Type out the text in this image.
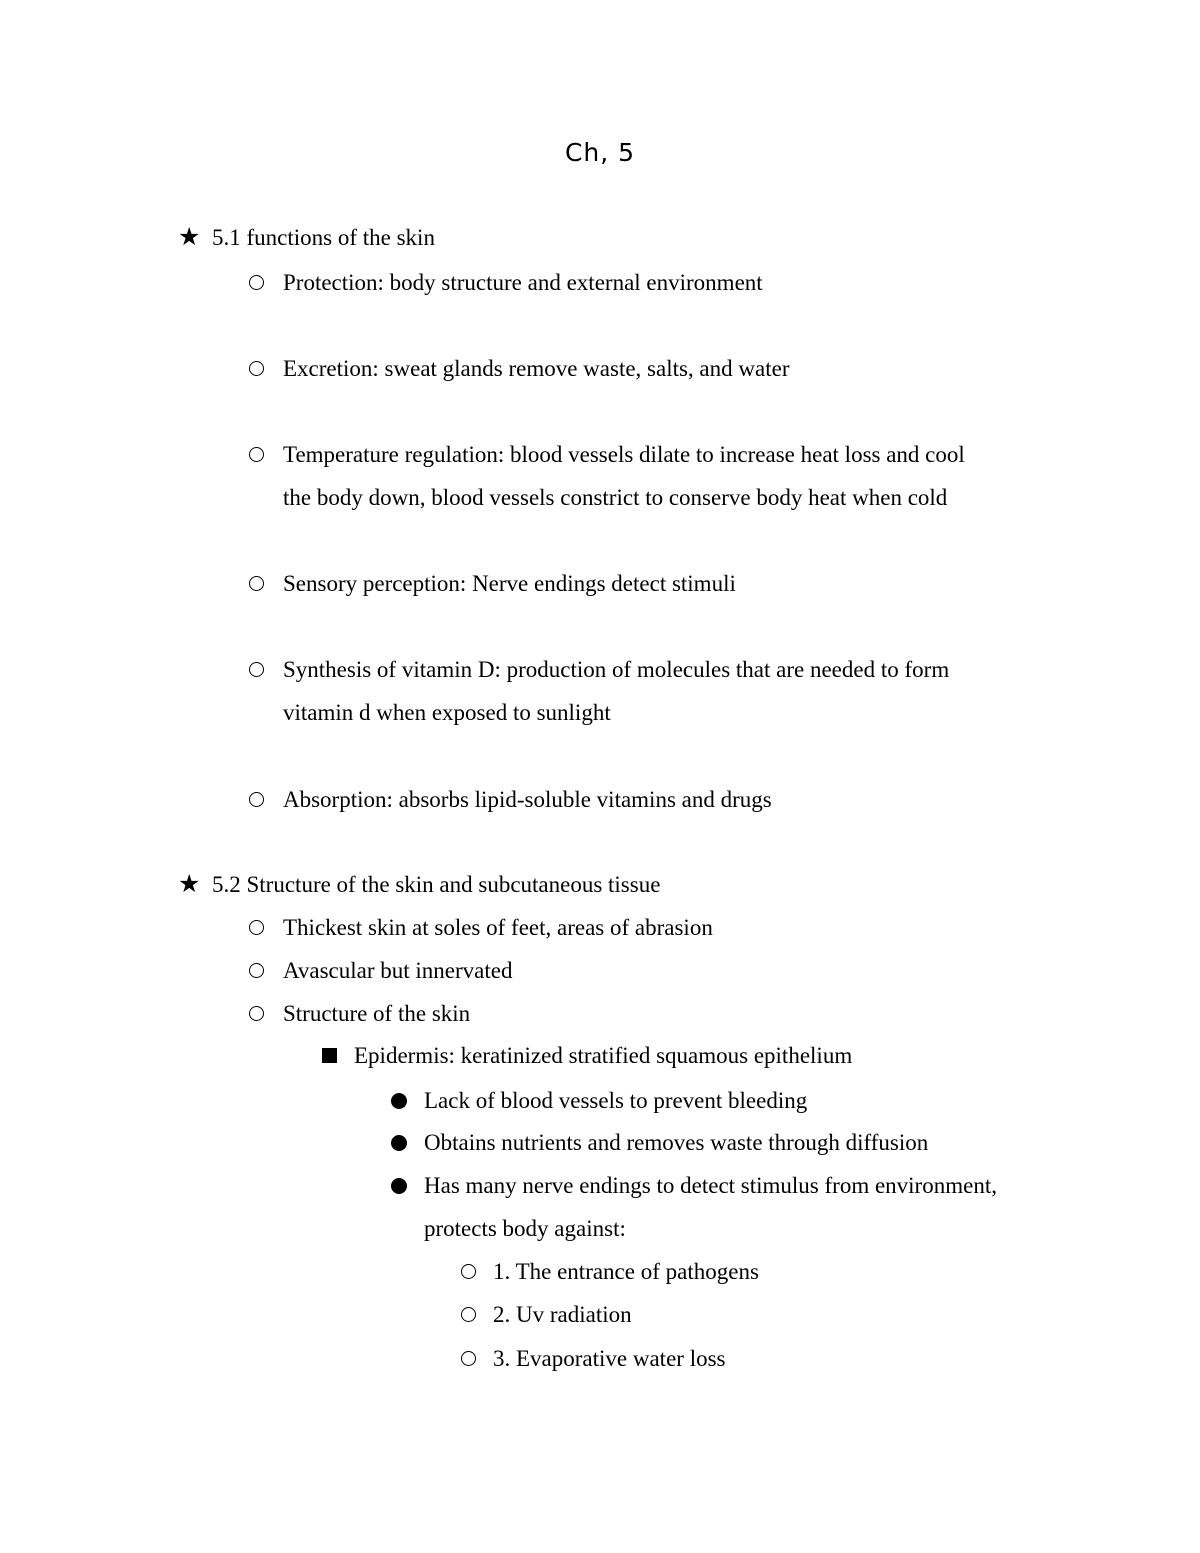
Ch, 5
★ 5.1 functions of the skin
Protection: body structure and external environment
Excretion: sweat glands remove waste, salts, and water
Temperature regulation: blood vessels dilate to increase heat loss and cool
the body down, blood vessels constrict to conserve body heat when cold
Sensory perception: Nerve endings detect stimuli
Synthesis of vitamin D: production of molecules that are needed to form
vitamin d when exposed to sunlight
Absorption: absorbs lipid-soluble vitamins and drugs
★ 5.2 Structure of the skin and subcutaneous tissue
Thickest skin at soles of feet, areas of abrasion
Avascular but innervated
Structure of the skin
Epidermis: keratinized stratified squamous epithelium
Lack of blood vessels to prevent bleeding
Obtains nutrients and removes waste through diffusion
Has many nerve endings to detect stimulus from environment,
protects body against:
1. The entrance of pathogens
2. Uv radiation
3. Evaporative water loss
